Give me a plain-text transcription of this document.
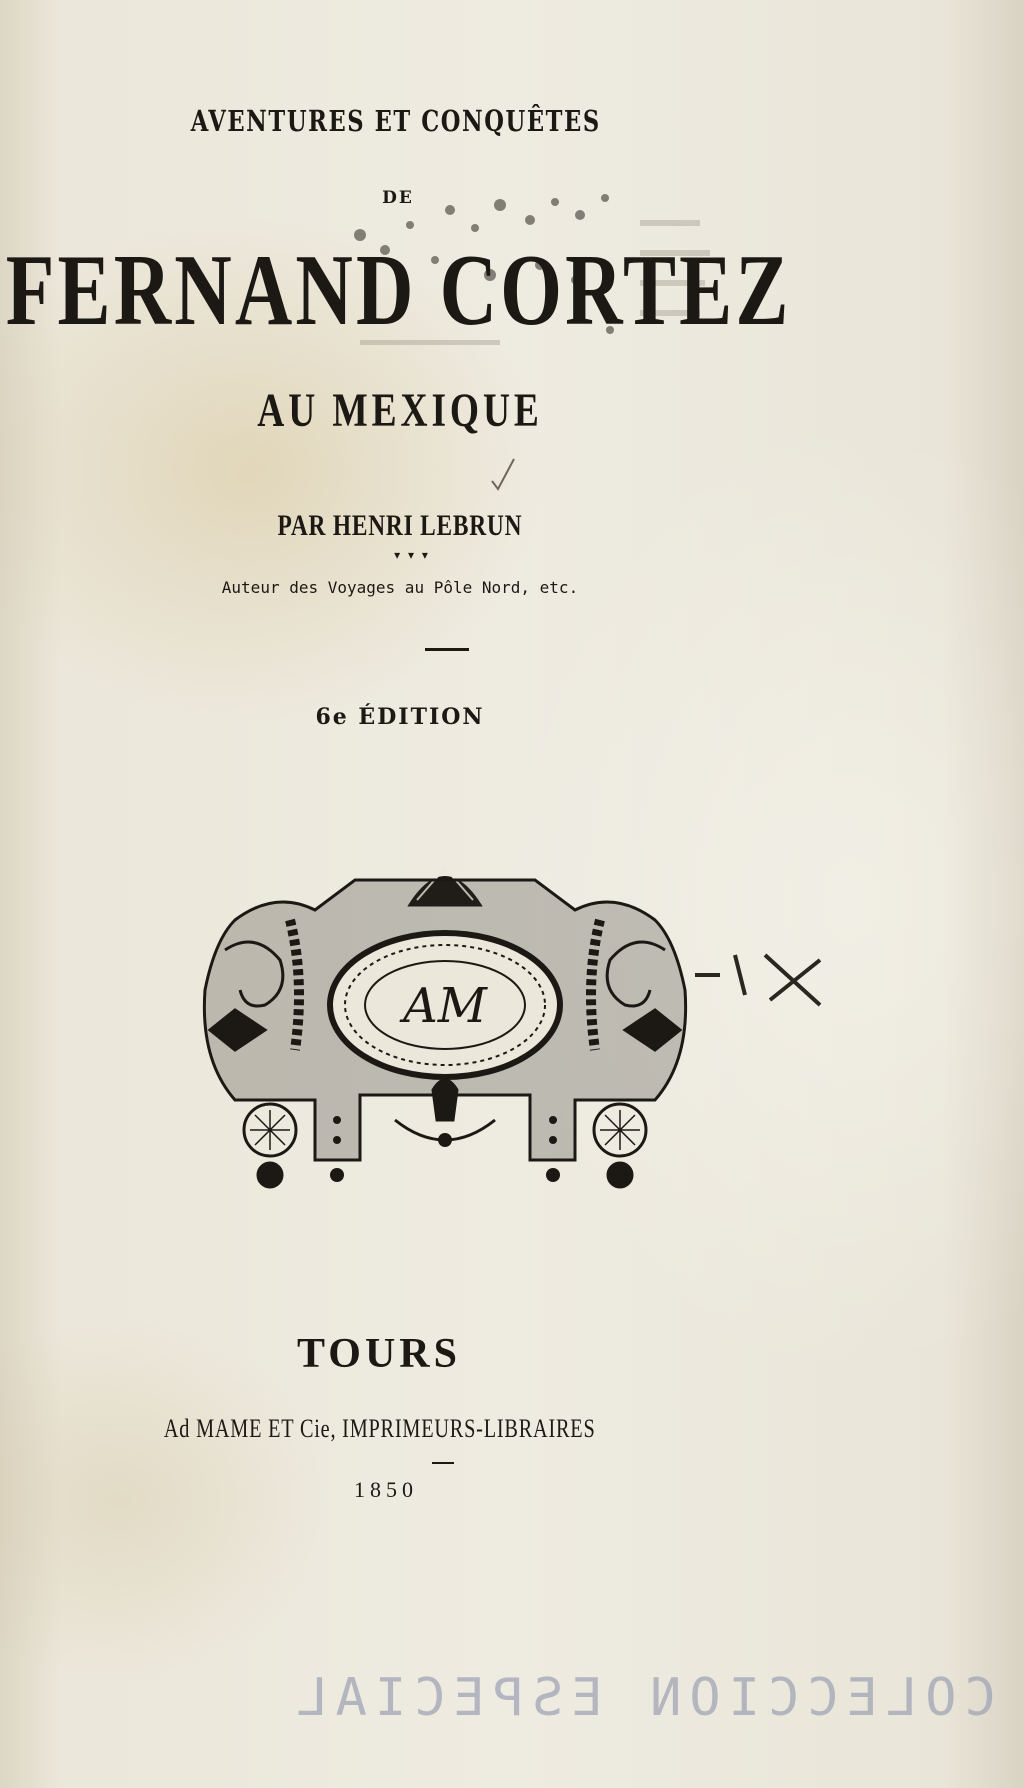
AVENTURES ET CONQUÊTES
DE
FERNAND CORTEZ
AU MEXIQUE
PAR HENRI LEBRUN
▾ ▾ ▾
Auteur des Voyages au Pôle Nord, etc.
6e ÉDITION
AM
TOURS
Ad MAME ET Cie, IMPRIMEURS-LIBRAIRES
1850
COLECCION ESPECIAL
